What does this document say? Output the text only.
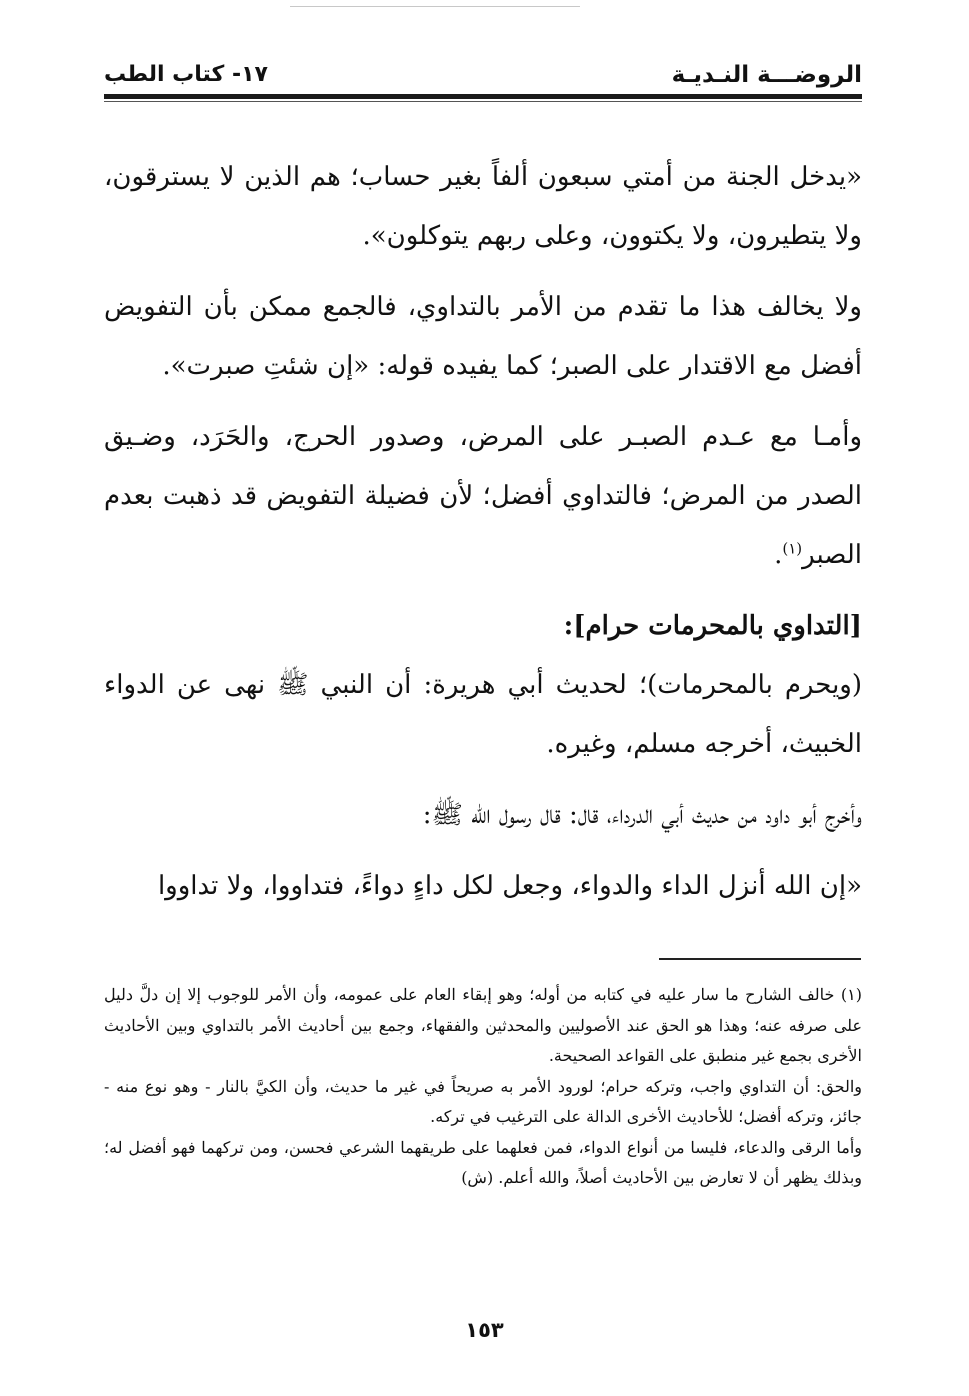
الروضـــة النـديـة
١٧- كتاب الطب

«يدخل الجنة من أمتي سبعون ألفاً بغير حساب؛ هم الذين لا يسترقون، ولا يتطيرون، ولا يكتوون، وعلى ربهم يتوكلون».

ولا يخالف هذا ما تقدم من الأمر بالتداوي، فالجمع ممكن بأن التفويض أفضل مع الاقتدار على الصبر؛ كما يفيده قوله: «إن شئتِ صبرت».

وأمـا مع عـدم الصبـر على المرض، وصدور الحرج، والحَرَد، وضـيق الصدر من المرض؛ فالتداوي أفضل؛ لأن فضيلة التفويض قد ذهبت بعدم الصبر$^{(١)}$.

[التداوي بالمحرمات حرام]:

(ويحرم بالمحرمات)؛ لحديث أبي هريرة: أن النبي ﷺ نهى عن الدواء الخبيث، أخرجه مسلم، وغيره.

وأخرج أبو داود من حديث أبي الدرداء، قال: قال رسول الله ﷺ:

«إن الله أنزل الداء والدواء، وجعل لكل داءٍ دواءً، فتداووا، ولا تداووا

(١) خالف الشارح ما سار عليه في كتابه من أوله؛ وهو إبقاء العام على عمومه، وأن الأمر للوجوب إلا إن دلَّ دليل على صرفه عنه؛ وهذا هو الحق عند الأصوليين والمحدثين والفقهاء، وجمع بين أحاديث الأمر بالتداوي وبين الأحاديث الأخرى بجمع غير منطبق على القواعد الصحيحة.

والحق: أن التداوي واجب، وتركه حرام؛ لورود الأمر به صريحاً في غير ما حديث، وأن الكيَّ بالنار - وهو نوع منه - جائز، وتركه أفضل؛ للأحاديث الأخرى الدالة على الترغيب في تركه.

وأما الرقى والدعاء، فليسا من أنواع الدواء، فمن فعلهما على طريقهما الشرعي فحسن، ومن تركهما فهو أفضل له؛ وبذلك يظهر أن لا تعارض بين الأحاديث أصلاً، والله أعلم. (ش)

١٥٣
